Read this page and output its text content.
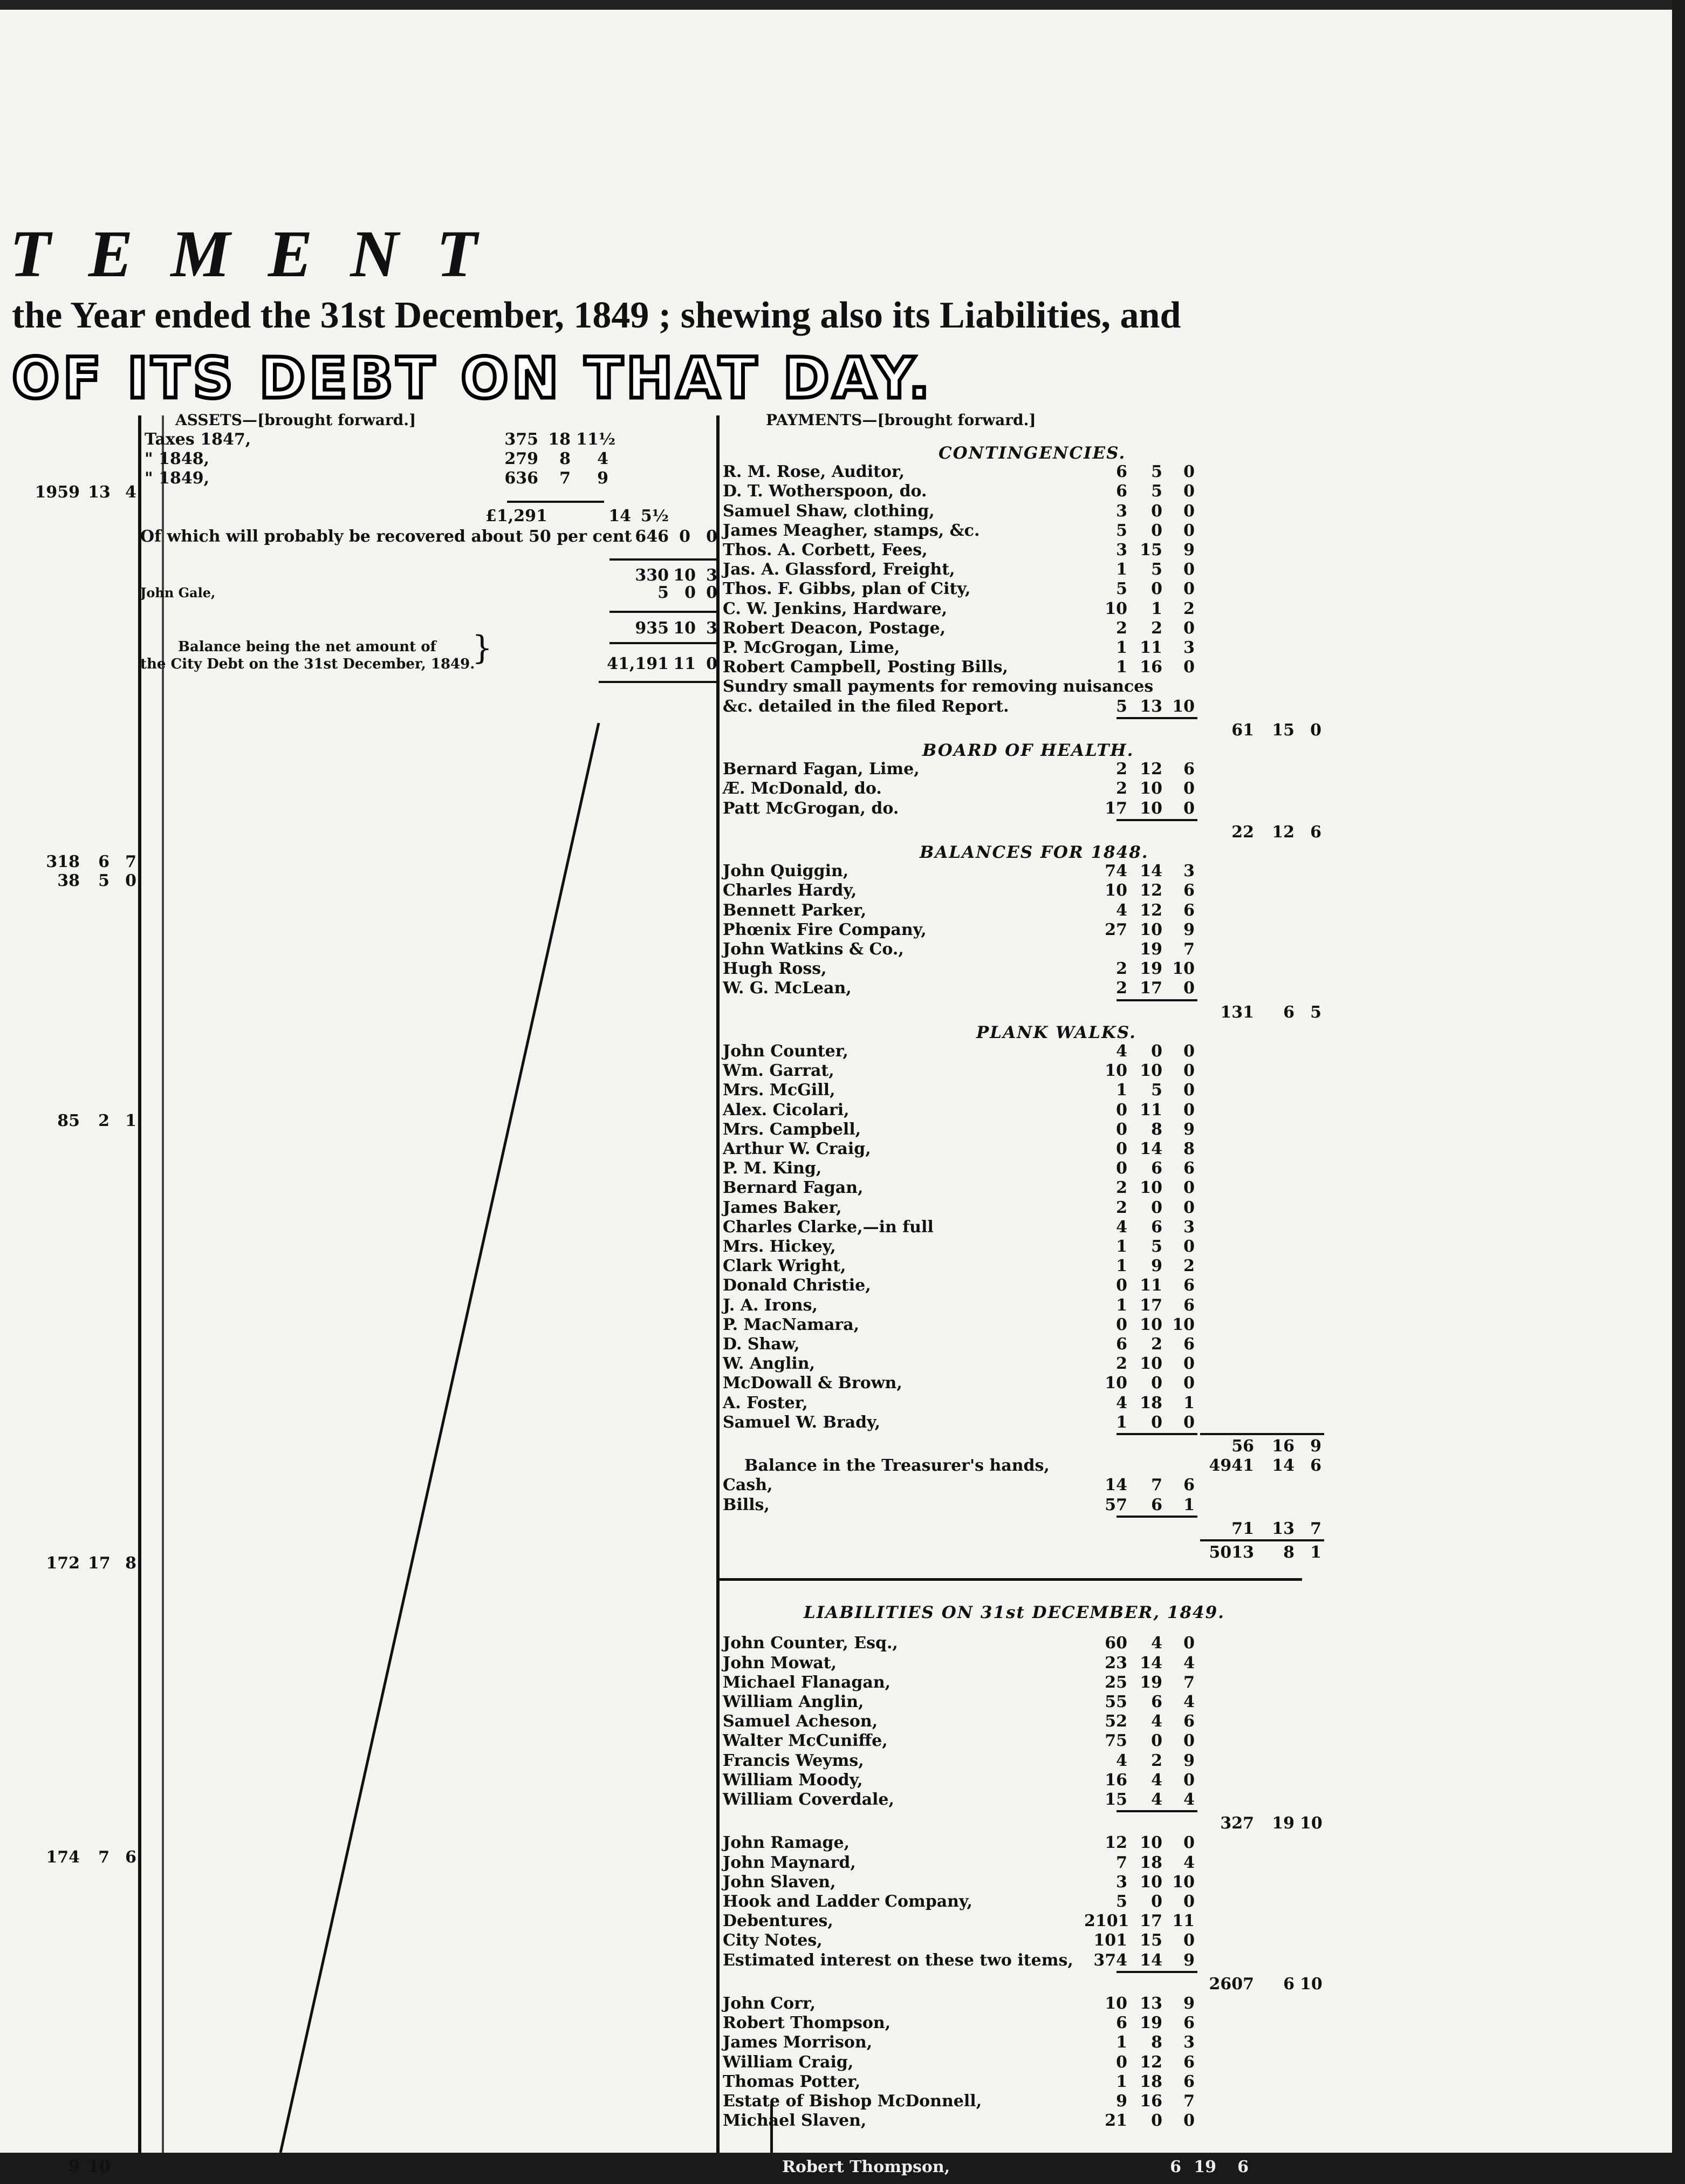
TEMENT
the Year ended the 31st December, 1849 ; shewing also its Liabilities, and
OF ITS DEBT ON THAT DAY.
1959 13 4
318	6 7
38	5 0
85	2 1
172 17 8
174	7 6
9 10
ASSETS—[brought forward.]
Taxes 1847,	375 18 11½
" 1848,	279	8	4
" 1849,	636	7	9
£1,291	14 5½
Of which will probably be recovered about 50 per cent 646 0 0
330 10 3
John Gale,	5 0 0
935 10 3
Balance being the net amount of
the City Debt on the 31st December, 1849.
}	41,191 11 0
PAYMENTS—[brought forward.]
CONTINGENCIES.
R. M. Rose, Auditor,	6	5	0
D. T. Wotherspoon, do.	6	5	0
Samuel Shaw, clothing,	3	0	0
James Meagher, stamps, &c.	5	0	0
Thos. A. Corbett, Fees,	3 15	9
Jas. A. Glassford, Freight,	1	5	0
Thos. F. Gibbs, plan of City,	5	0	0
C. W. Jenkins, Hardware,	10	1	2
Robert Deacon, Postage,	2	2	0
P. McGrogan, Lime,	1 11	3
Robert Campbell, Posting Bills,	1 16	0
Sundry small payments for removing nuisances
&c. detailed in the filed Report.	5 13 10
61	15 0
BOARD OF HEALTH.
Bernard Fagan, Lime,	2 12	6
Æ. McDonald, do.	2 10	0
Patt McGrogan, do.	17 10	0
22	12 6
BALANCES FOR 1848.
John Quiggin,	74 14	3
Charles Hardy,	10 12	6
Bennett Parker,	4 12	6
Phœnix Fire Company,	27 10	9
John Watkins & Co.,	19	7
Hugh Ross,	2 19 10
W. G. McLean,	2 17	0
131	6 5
PLANK WALKS.
John Counter,	4	0	0
Wm. Garrat,	10 10	0
Mrs. McGill,	1	5	0
Alex. Cicolari,	0 11	0
Mrs. Campbell,	0	8	9
Arthur W. Craig,	0 14	8
P. M. King,	0	6	6
Bernard Fagan,	2 10	0
James Baker,	2	0	0
Charles Clarke,—in full	4	6	3
Mrs. Hickey,	1	5	0
Clark Wright,	1	9	2
Donald Christie,	0 11	6
J. A. Irons,	1 17	6
P. MacNamara,	0 10 10
D. Shaw,	6	2	6
W. Anglin,	2 10	0
McDowall & Brown,	10	0	0
A. Foster,	4 18	1
Samuel W. Brady,	1	0	0
56	16 9
Balance in the Treasurer's hands,	4941	14 6
Cash,	14	7	6
Bills,	57	6	1
71	13 7
5013	8 1
LIABILITIES ON 31st DECEMBER, 1849.
John Counter, Esq.,	60	4	0
John Mowat,	23 14	4
Michael Flanagan,	25 19	7
William Anglin,	55	6	4
Samuel Acheson,	52	4	6
Walter McCuniffe,	75	0	0
Francis Weyms,	4	2	9
William Moody,	16	4	0
William Coverdale,	15	4	4
327	19 10
John Ramage,	12 10	0
John Maynard,	7 18	4
John Slaven,	3 10 10
Hook and Ladder Company,	5	0	0
Debentures,	2101 17 11
City Notes,	101 15	0
Estimated interest on these two items,	374 14	9
2607	6 10
John Corr,	10 13	9
Robert Thompson,	6 19	6
James Morrison,	1	8	3
William Craig,	0 12	6
Thomas Potter,	1 18	6
Estate of Bishop McDonnell,	9 16	7
Michael Slaven,	21	0	0
Robert Thompson,	6 19	6
